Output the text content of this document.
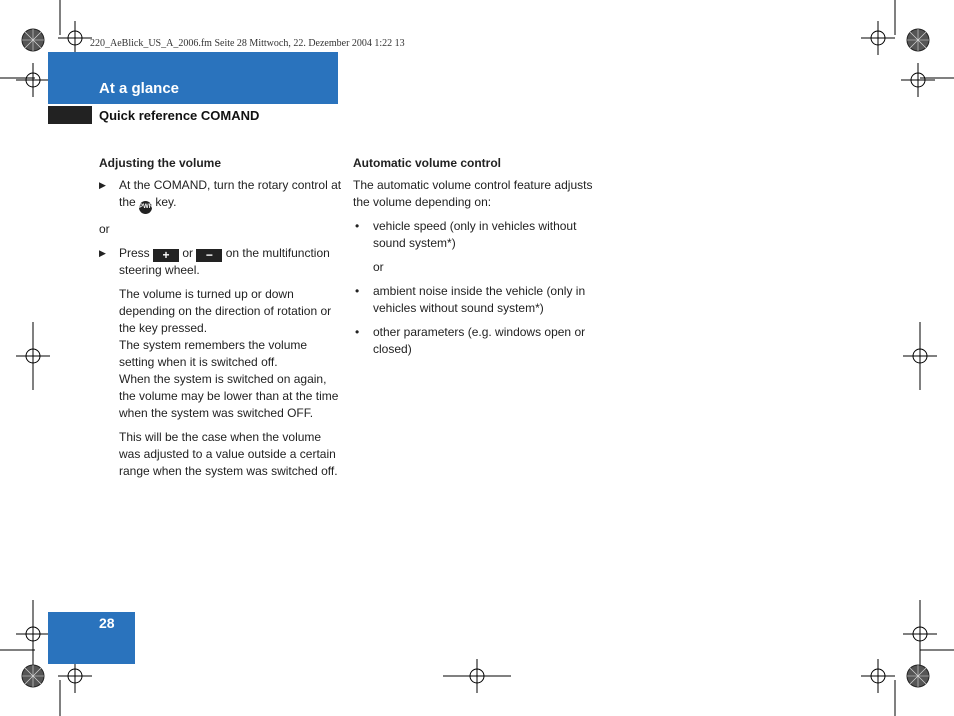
220_AeBlick_US_A_2006.fm Seite 28 Mittwoch, 22. Dezember 2004 1:22 13
At a glance
Quick reference COMAND

Adjusting the volume

▶ At the COMAND, turn the rotary control at the PWR key.

or

▶ Press + or − on the multifunction steering wheel.

The volume is turned up or down depending on the direction of rotation or the key pressed.

The system remembers the volume setting when it is switched off.

When the system is switched on again, the volume may be lower than at the time when the system was switched OFF.

This will be the case when the volume was adjusted to a value outside a certain range when the system was switched off.

Automatic volume control

The automatic volume control feature adjusts the volume depending on:

• vehicle speed (only in vehicles without sound system*)

or

• ambient noise inside the vehicle (only in vehicles without sound system*)
• other parameters (e.g. windows open or closed)
28
